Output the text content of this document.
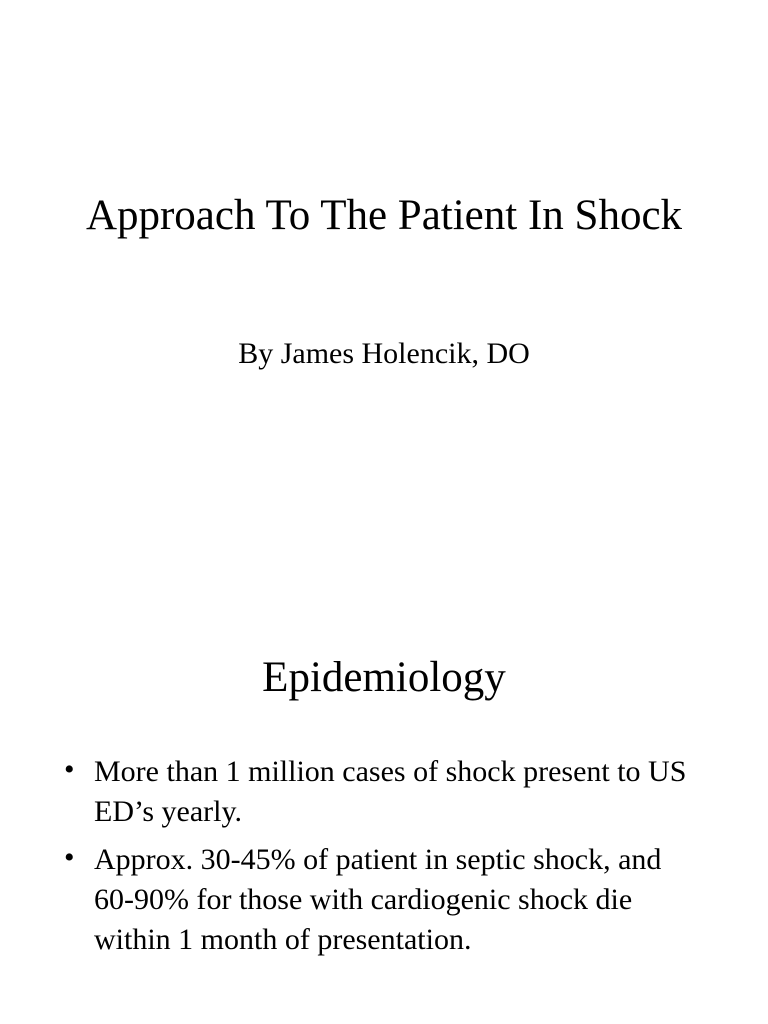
Approach To The Patient In Shock

By James Holencik, DO

Epidemiology
• More than 1 million cases of shock present to US ED’s yearly.
• Approx. 30-45% of patient in septic shock, and 60-90% for those with cardiogenic shock die within 1 month of presentation.
